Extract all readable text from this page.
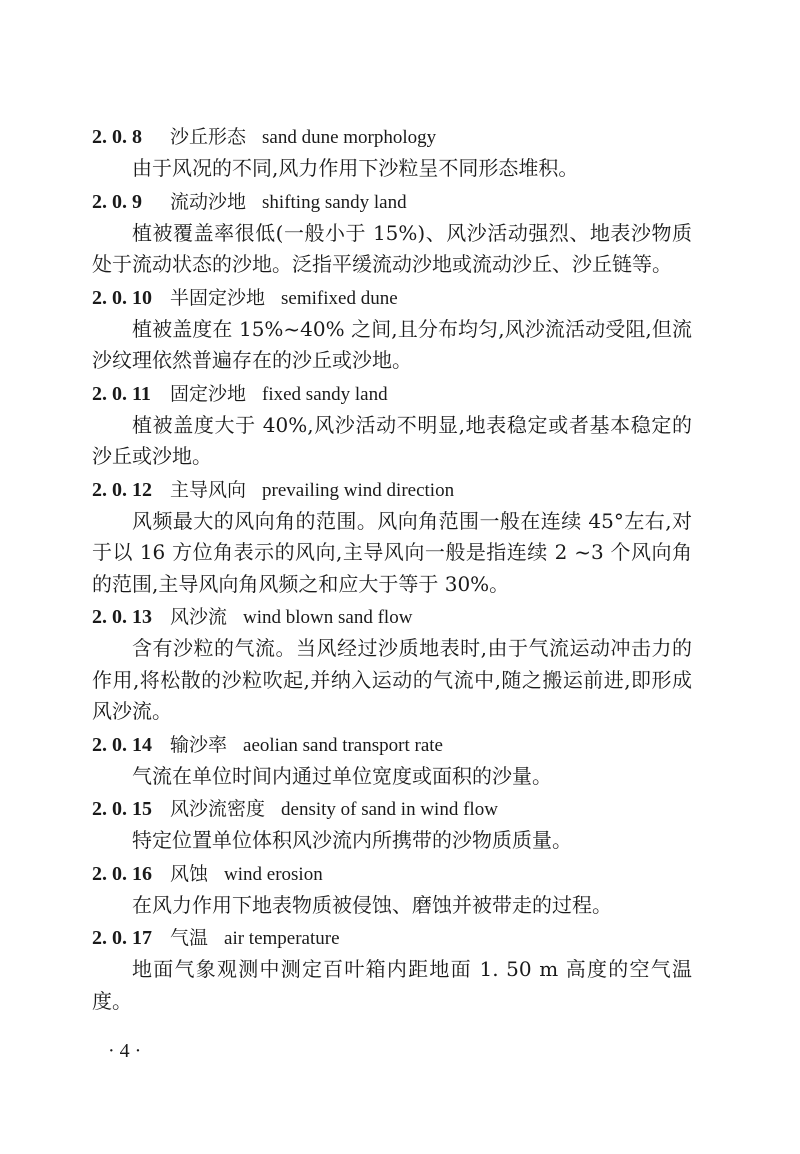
2. 0. 8 沙丘形态 sand dune morphology

由于风况的不同,风力作用下沙粒呈不同形态堆积。

2. 0. 9 流动沙地 shifting sandy land

植被覆盖率很低(一般小于 15%)、风沙活动强烈、地表沙物质处于流动状态的沙地。泛指平缓流动沙地或流动沙丘、沙丘链等。

2. 0. 10 半固定沙地 semifixed dune

植被盖度在 15%~40% 之间,且分布均匀,风沙流活动受阻,但流沙纹理依然普遍存在的沙丘或沙地。

2. 0. 11 固定沙地 fixed sandy land

植被盖度大于 40%,风沙活动不明显,地表稳定或者基本稳定的沙丘或沙地。

2. 0. 12 主导风向 prevailing wind direction

风频最大的风向角的范围。风向角范围一般在连续 45°左右,对于以 16 方位角表示的风向,主导风向一般是指连续 2 ~3 个风向角的范围,主导风向角风频之和应大于等于 30%。

2. 0. 13 风沙流 wind blown sand flow

含有沙粒的气流。当风经过沙质地表时,由于气流运动冲击力的作用,将松散的沙粒吹起,并纳入运动的气流中,随之搬运前进,即形成风沙流。

2. 0. 14 输沙率 aeolian sand transport rate

气流在单位时间内通过单位宽度或面积的沙量。

2. 0. 15 风沙流密度 density of sand in wind flow

特定位置单位体积风沙流内所携带的沙物质质量。

2. 0. 16 风蚀 wind erosion

在风力作用下地表物质被侵蚀、磨蚀并被带走的过程。

2. 0. 17 气温 air temperature

地面气象观测中测定百叶箱内距地面 1. 50 m 高度的空气温度。

· 4 ·
